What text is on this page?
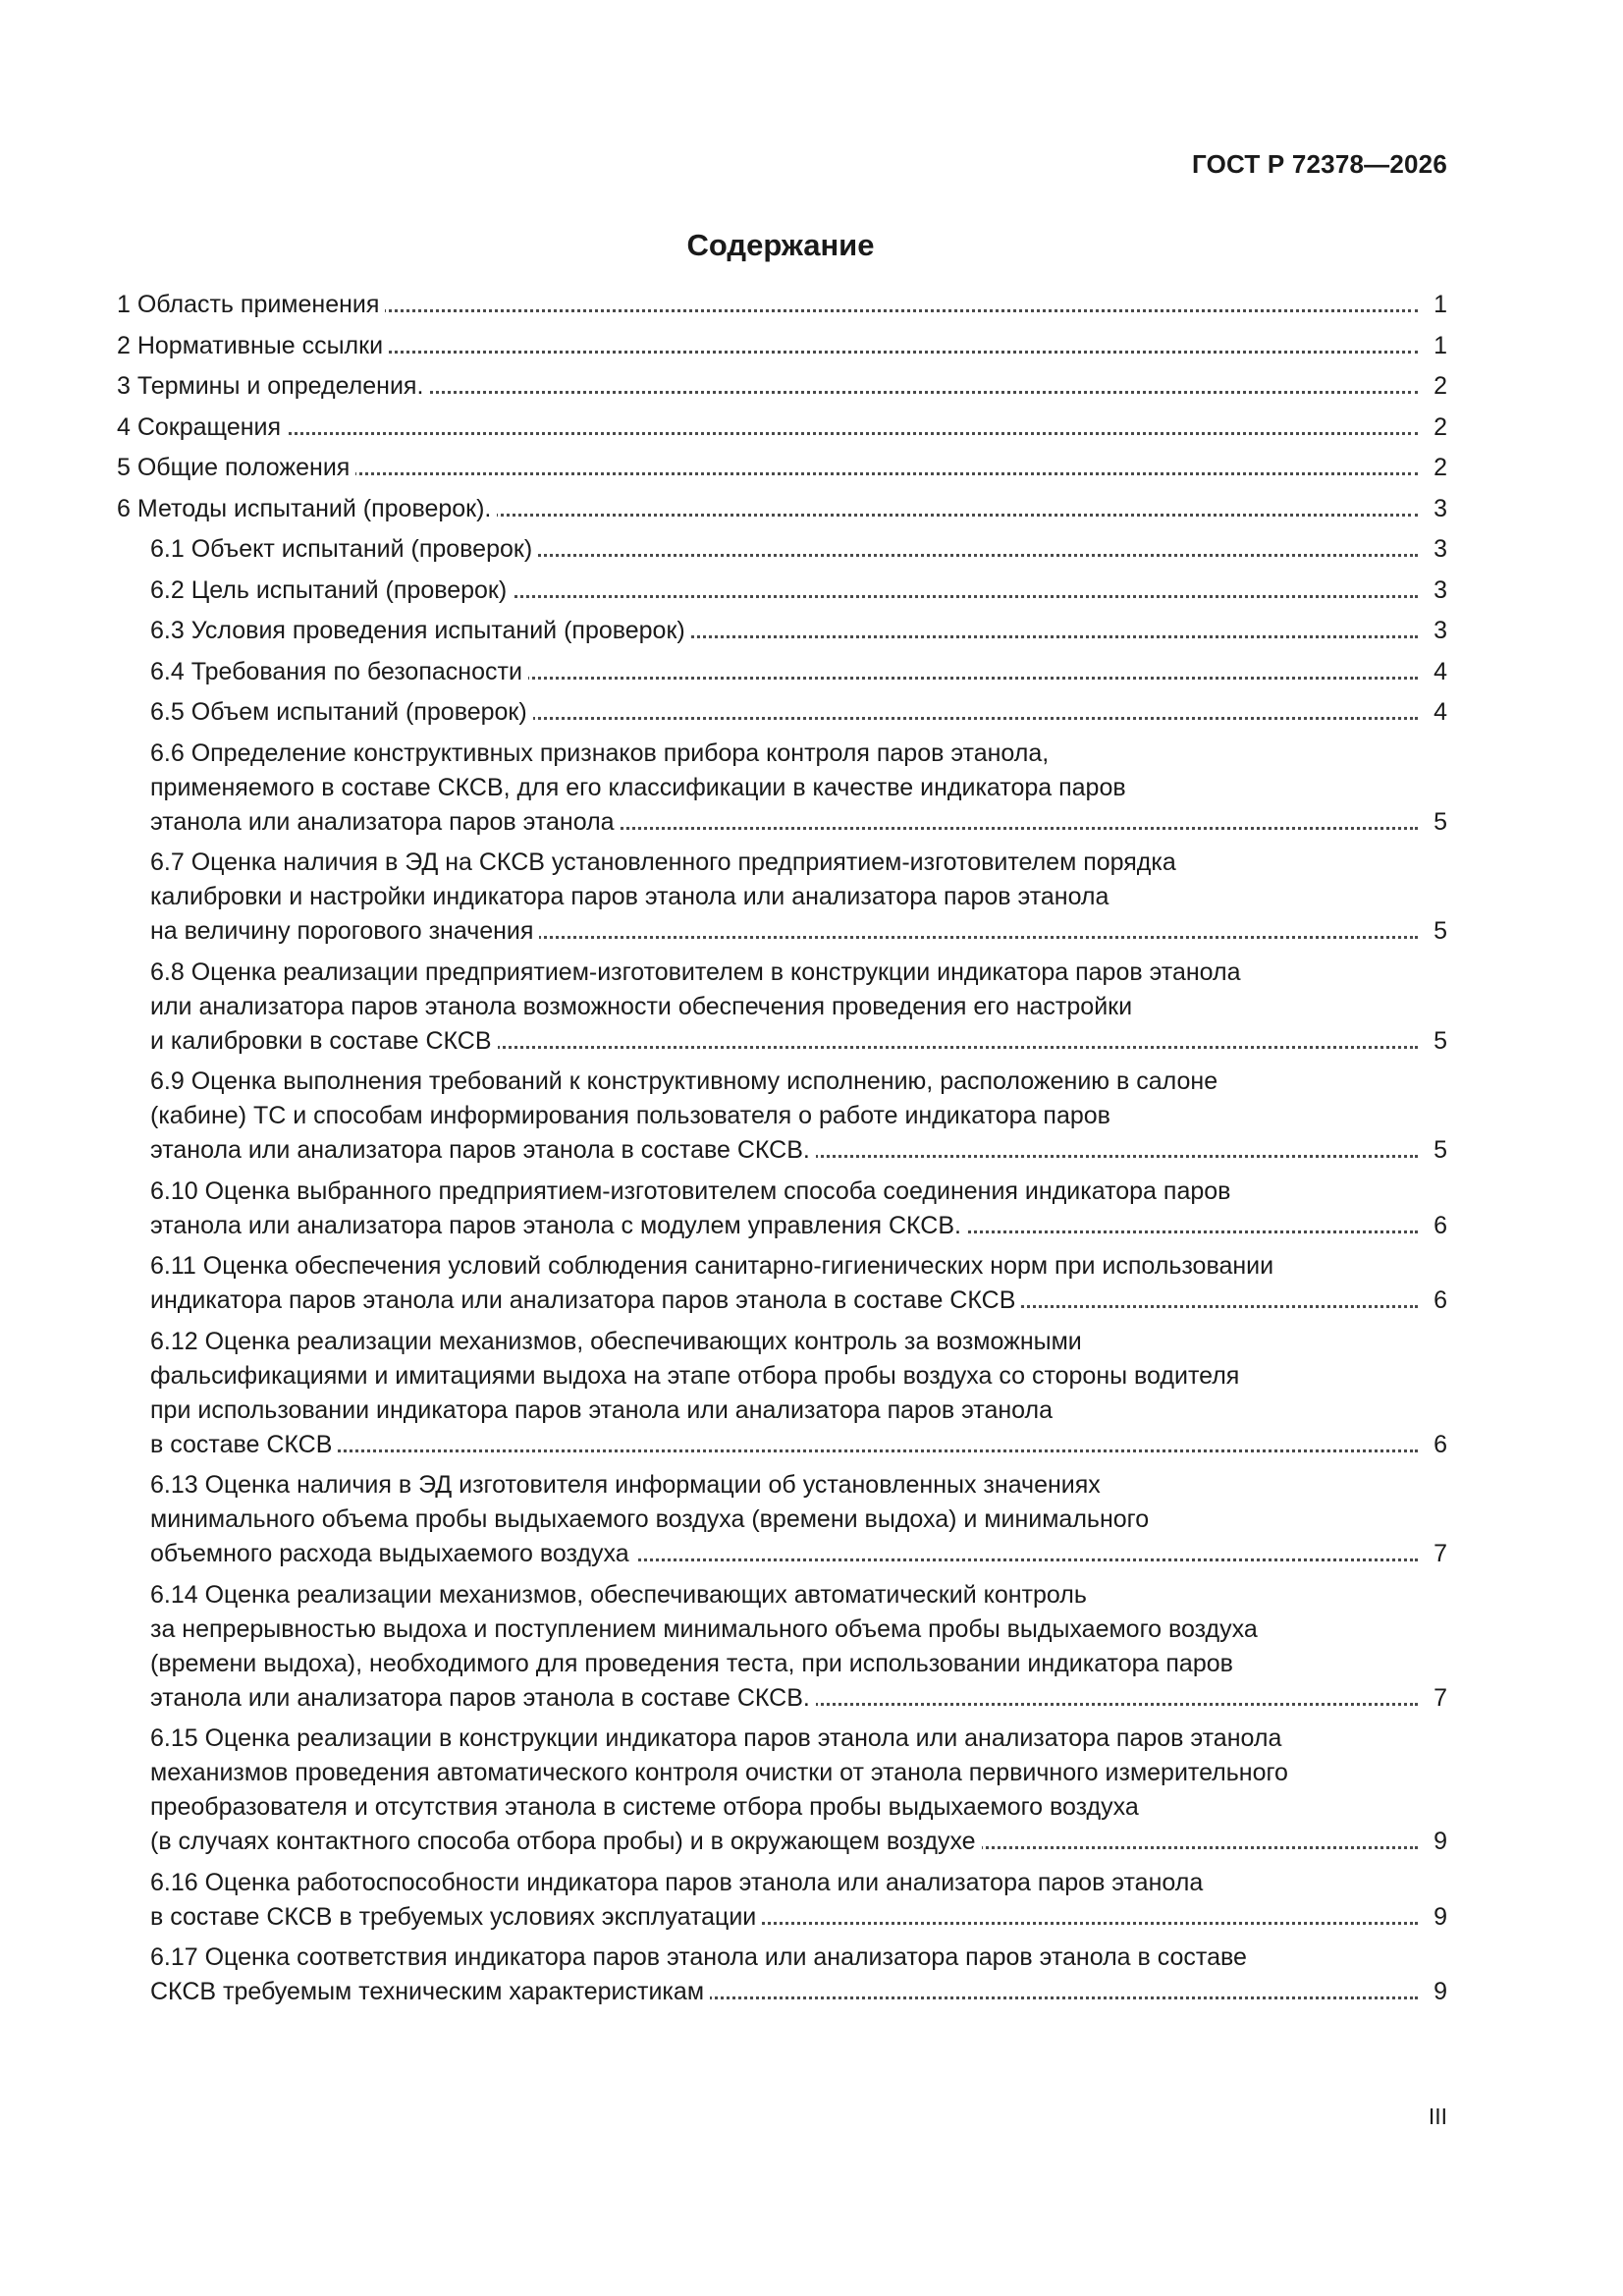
ГОСТ Р 72378—2026
Содержание
1 Область применения	1
2 Нормативные ссылки	1
3 Термины и определения.	2
4 Сокращения	2
5 Общие положения	2
6 Методы испытаний (проверок).	3
6.1 Объект испытаний (проверок)	3
6.2 Цель испытаний (проверок)	3
6.3 Условия проведения испытаний (проверок)	3
6.4 Требования по безопасности	4
6.5 Объем испытаний (проверок)	4
6.6 Определение конструктивных признаков прибора контроля паров этанола,
применяемого в составе СКСВ, для его классификации в качестве индикатора паров
этанола или анализатора паров этанола	5
6.7 Оценка наличия в ЭД на СКСВ установленного предприятием-изготовителем порядка
калибровки и настройки индикатора паров этанола или анализатора паров этанола
на величину порогового значения	5
6.8 Оценка реализации предприятием-изготовителем в конструкции индикатора паров этанола
или анализатора паров этанола возможности обеспечения проведения его настройки
и калибровки в составе СКСВ	5
6.9 Оценка выполнения требований к конструктивному исполнению, расположению в салоне
(кабине) ТС и способам информирования пользователя о работе индикатора паров
этанола или анализатора паров этанола в составе СКСВ.	5
6.10 Оценка выбранного предприятием-изготовителем способа соединения индикатора паров
этанола или анализатора паров этанола с модулем управления СКСВ.	6
6.11 Оценка обеспечения условий соблюдения санитарно-гигиенических норм при использовании
индикатора паров этанола или анализатора паров этанола в составе СКСВ	6
6.12 Оценка реализации механизмов, обеспечивающих контроль за возможными
фальсификациями и имитациями выдоха на этапе отбора пробы воздуха со стороны водителя
при использовании индикатора паров этанола или анализатора паров этанола
в составе СКСВ	6
6.13 Оценка наличия в ЭД изготовителя информации об установленных значениях
минимального объема пробы выдыхаемого воздуха (времени выдоха) и минимального
объемного расхода выдыхаемого воздуха	7
6.14 Оценка реализации механизмов, обеспечивающих автоматический контроль
за непрерывностью выдоха и поступлением минимального объема пробы выдыхаемого воздуха
(времени выдоха), необходимого для проведения теста, при использовании индикатора паров
этанола или анализатора паров этанола в составе СКСВ.	7
6.15 Оценка реализации в конструкции индикатора паров этанола или анализатора паров этанола
механизмов проведения автоматического контроля очистки от этанола первичного измерительного
преобразователя и отсутствия этанола в системе отбора пробы выдыхаемого воздуха
(в случаях контактного способа отбора пробы) и в окружающем воздухе	9
6.16 Оценка работоспособности индикатора паров этанола или анализатора паров этанола
в составе СКСВ в требуемых условиях эксплуатации	9
6.17 Оценка соответствия индикатора паров этанола или анализатора паров этанола в составе
СКСВ требуемым техническим характеристикам	9
III
